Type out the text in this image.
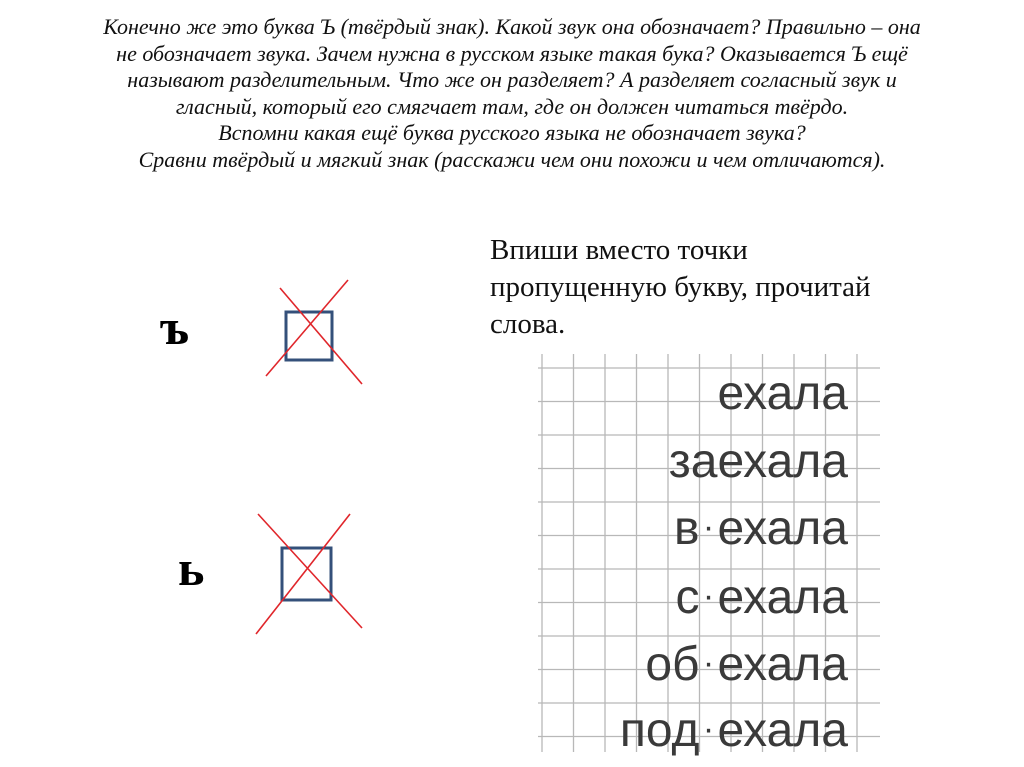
Конечно же это буква Ъ (твёрдый знак). Какой звук она обозначает? Правильно – она
не обозначает звука. Зачем нужна в русском языке такая бука? Оказывается Ъ ещё
называют разделительным. Что же он разделяет? А разделяет согласный звук и
гласный, который его смягчает там, где он должен читаться твёрдо.
Вспомни какая ещё буква русского языка не обозначает звука?
Сравни твёрдый и мягкий знак (расскажи чем они похожи и чем отличаются).
ъ
ь
Впиши вместо точки
пропущенную букву, прочитай
слова.
ехала
заехала
в·ехала
с·ехала
об·ехала
под·ехала
